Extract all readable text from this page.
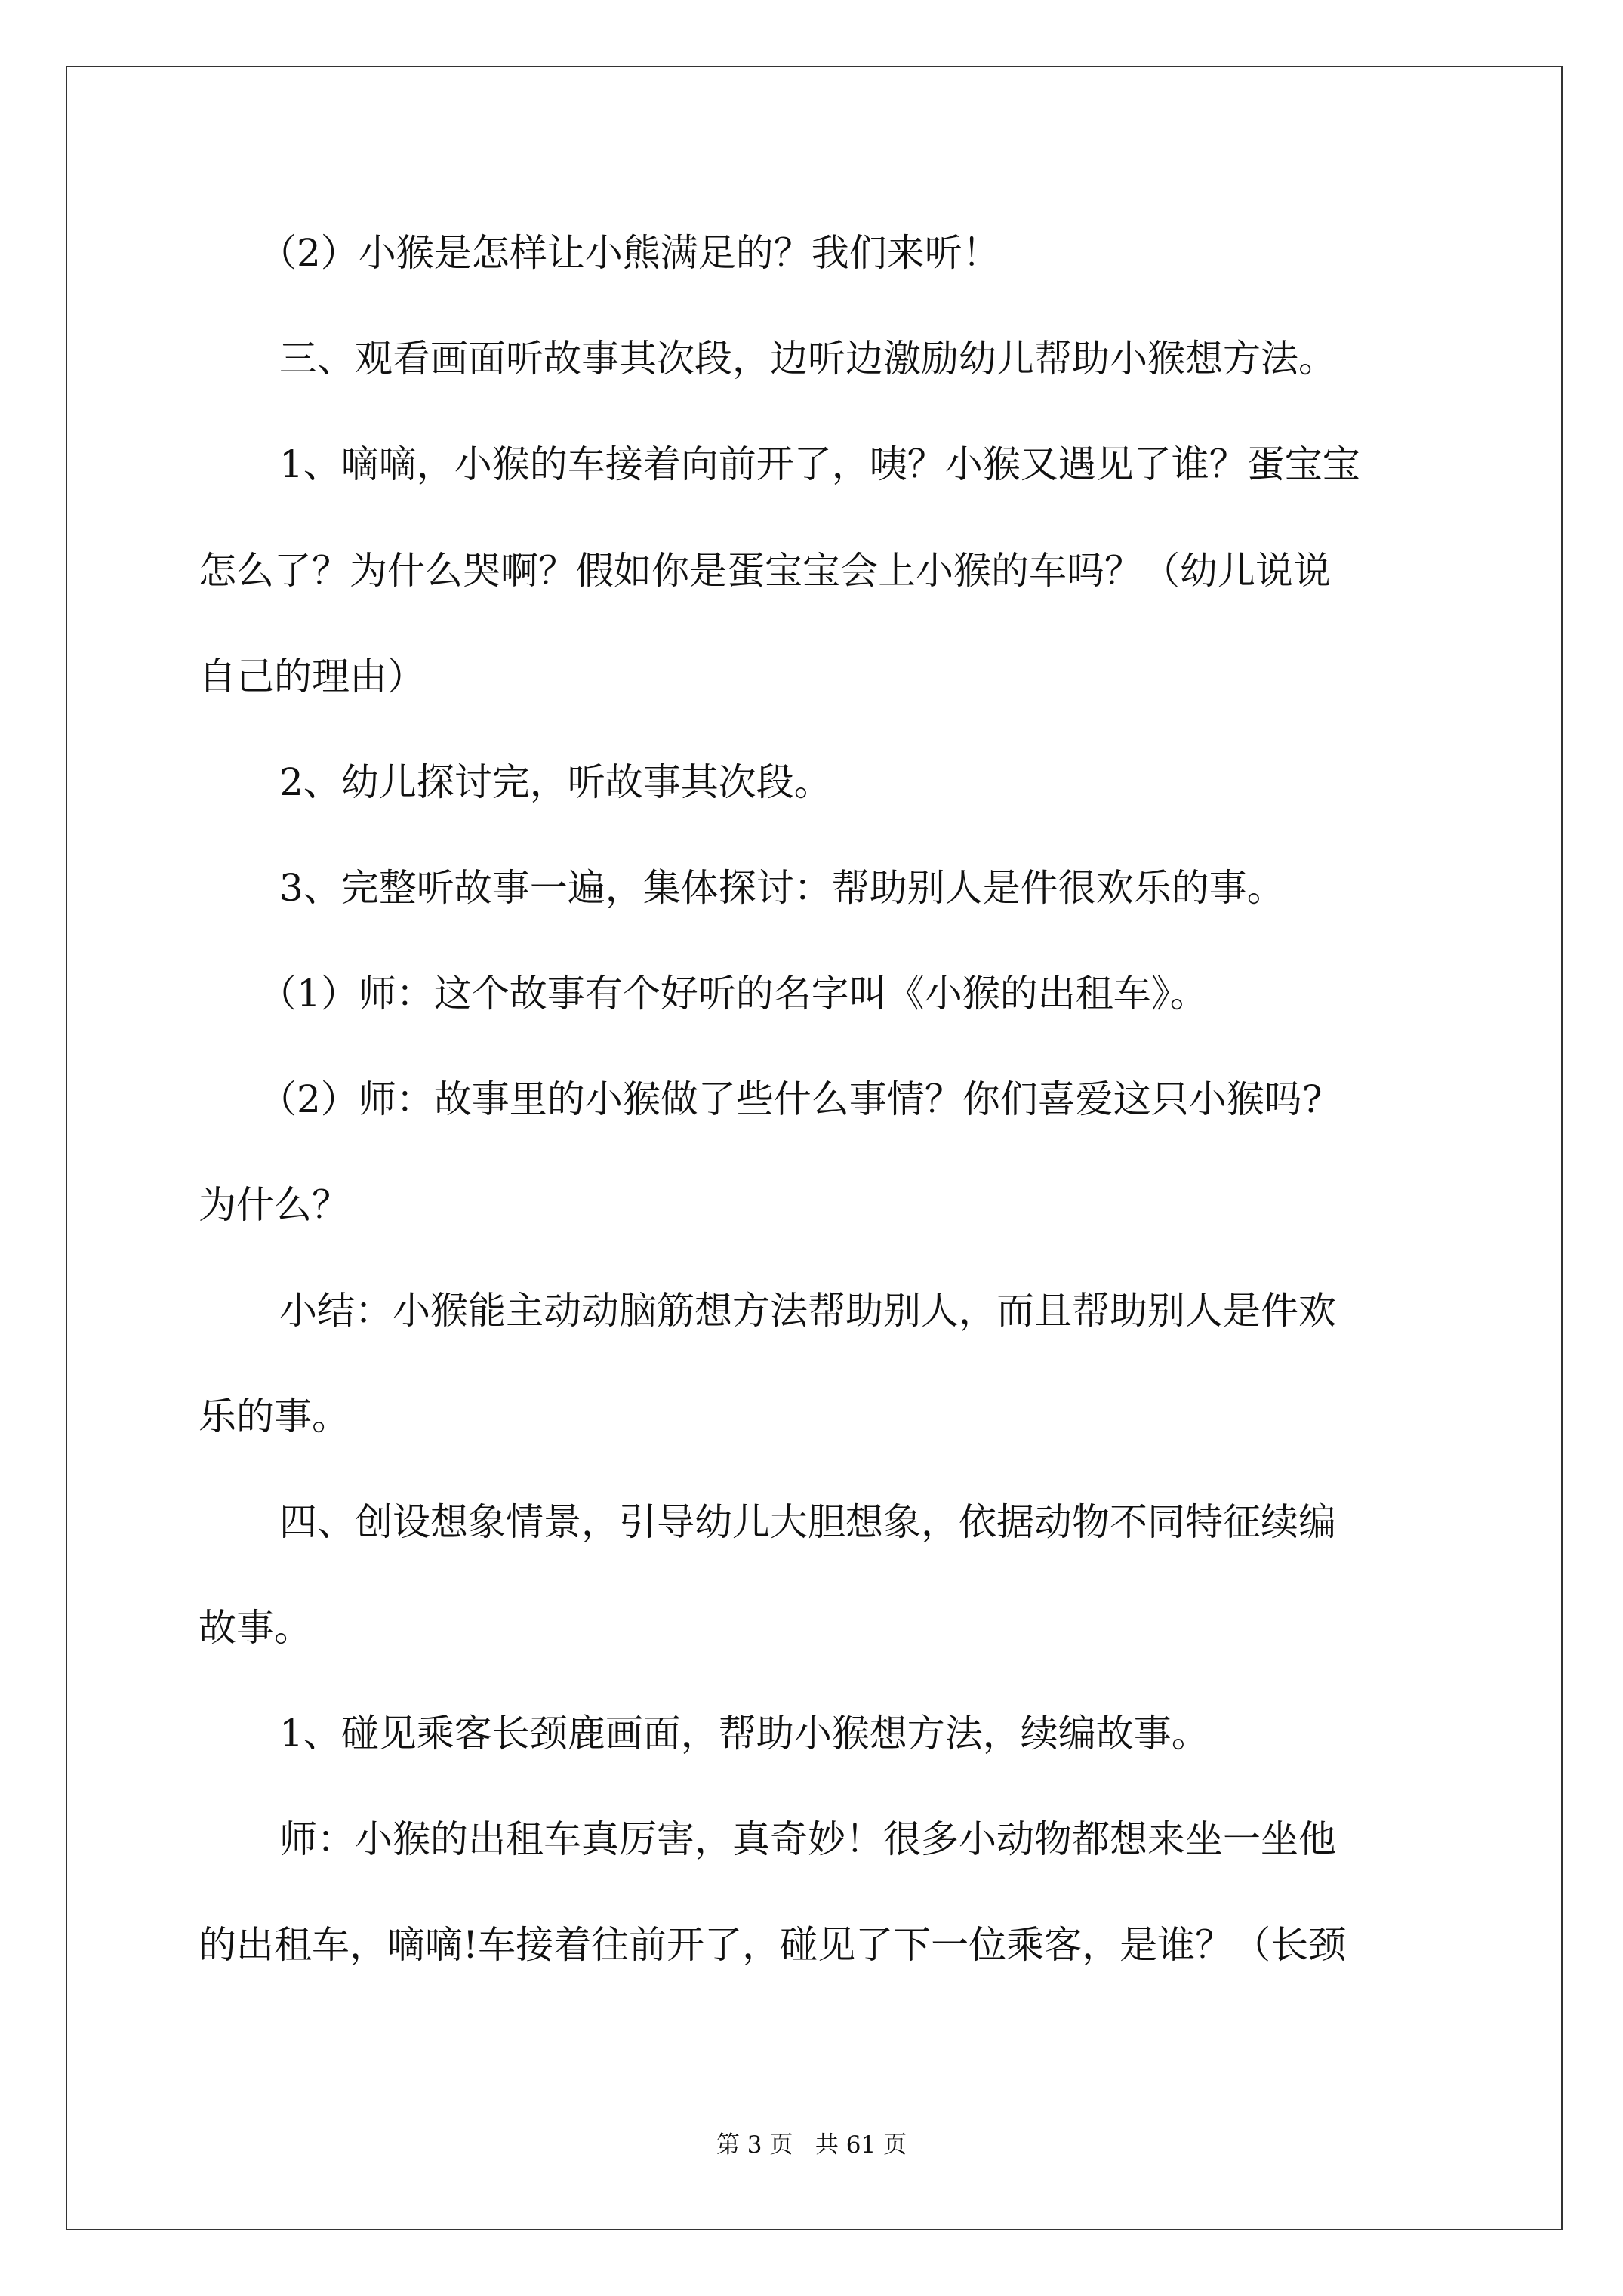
（2）小猴是怎样让小熊满足的？我们来听！

三、观看画面听故事其次段，边听边激励幼儿帮助小猴想方法。

1、嘀嘀，小猴的车接着向前开了，咦？小猴又遇见了谁？蛋宝宝

怎么了？为什么哭啊？假如你是蛋宝宝会上小猴的车吗？（幼儿说说

自己的理由）

2、幼儿探讨完，听故事其次段。

3、完整听故事一遍，集体探讨：帮助别人是件很欢乐的事。

（1）师：这个故事有个好听的名字叫《小猴的出租车》。

（2）师：故事里的小猴做了些什么事情？你们喜爱这只小猴吗?

为什么？

小结：小猴能主动动脑筋想方法帮助别人，而且帮助别人是件欢

乐的事。

四、创设想象情景，引导幼儿大胆想象，依据动物不同特征续编

故事。

1、碰见乘客长颈鹿画面，帮助小猴想方法，续编故事。

师：小猴的出租车真厉害，真奇妙！很多小动物都想来坐一坐他

的出租车，嘀嘀!车接着往前开了，碰见了下一位乘客，是谁？（长颈

第 3 页 共 61 页
